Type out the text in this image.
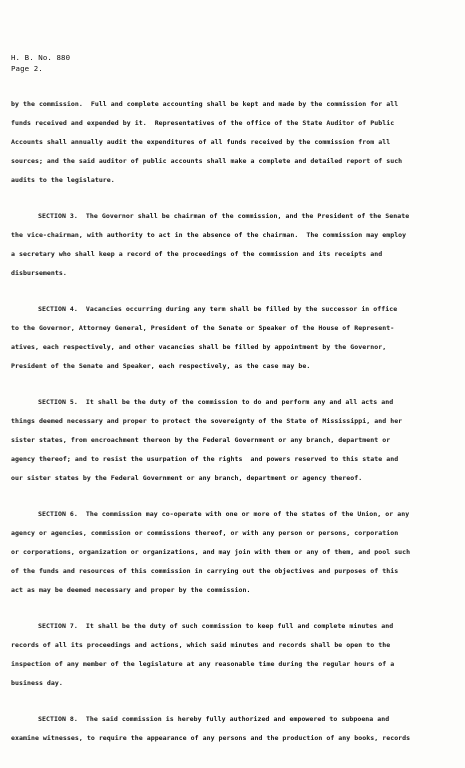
H. B. No. 880
Page 2.
by the commission.  Full and complete accounting shall be kept and made by the commission for all
funds received and expended by it.  Representatives of the office of the State Auditor of Public
Accounts shall annually audit the expenditures of all funds received by the commission from all
sources; and the said auditor of public accounts shall make a complete and detailed report of such
audits to the legislature.
SECTION 3.  The Governor shall be chairman of the commission, and the President of the Senate
the vice-chairman, with authority to act in the absence of the chairman.  The commission may employ
a secretary who shall keep a record of the proceedings of the commission and its receipts and
disbursements.
SECTION 4.  Vacancies occurring during any term shall be filled by the successor in office
to the Governor, Attorney General, President of the Senate or Speaker of the House of Represent-
atives, each respectively, and other vacancies shall be filled by appointment by the Governor,
President of the Senate and Speaker, each respectively, as the case may be.
SECTION 5.  It shall be the duty of the commission to do and perform any and all acts and
things deemed necessary and proper to protect the sovereignty of the State of Mississippi, and her
sister states, from encroachment thereon by the Federal Government or any branch, department or
agency thereof; and to resist the usurpation of the rights  and powers reserved to this state and
our sister states by the Federal Government or any branch, department or agency thereof.
SECTION 6.  The commission may co-operate with one or more of the states of the Union, or any
agency or agencies, commission or commissions thereof, or with any person or persons, corporation
or corporations, organization or organizations, and may join with them or any of them, and pool such
of the funds and resources of this commission in carrying out the objectives and purposes of this
act as may be deemed necessary and proper by the commission.
SECTION 7.  It shall be the duty of such commission to keep full and complete minutes and
records of all its proceedings and actions, which said minutes and records shall be open to the
inspection of any member of the legislature at any reasonable time during the regular hours of a
business day.
SECTION 8.  The said commission is hereby fully authorized and empowered to subpoena and
examine witnesses, to require the appearance of any persons and the production of any books, records
